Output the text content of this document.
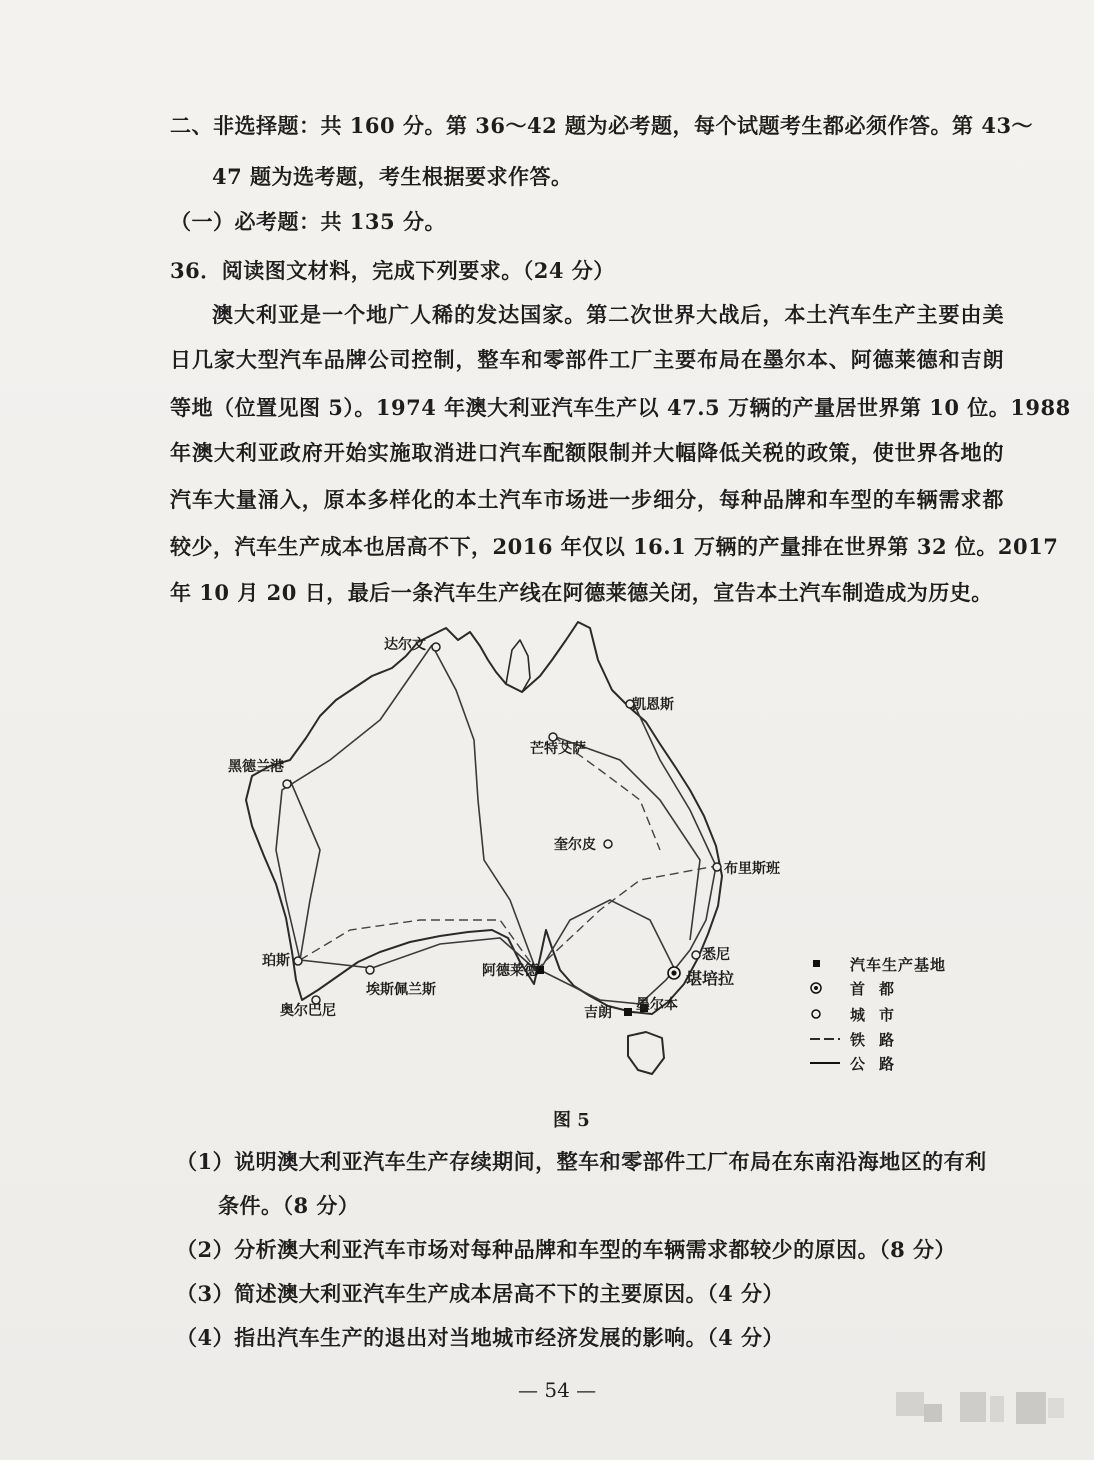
二、非选择题：共 160 分。第 36～42 题为必考题，每个试题考生都必须作答。第 43～
47 题为选考题，考生根据要求作答。
（一）必考题：共 135 分。
36．阅读图文材料，完成下列要求。（24 分）
澳大利亚是一个地广人稀的发达国家。第二次世界大战后，本土汽车生产主要由美
日几家大型汽车品牌公司控制，整车和零部件工厂主要布局在墨尔本、阿德莱德和吉朗
等地（位置见图 5）。1974 年澳大利亚汽车生产以 47.5 万辆的产量居世界第 10 位。1988
年澳大利亚政府开始实施取消进口汽车配额限制并大幅降低关税的政策，使世界各地的
汽车大量涌入，原本多样化的本土汽车市场进一步细分，每种品牌和车型的车辆需求都
较少，汽车生产成本也居高不下，2016 年仅以 16.1 万辆的产量排在世界第 32 位。2017
年 10 月 20 日，最后一条汽车生产线在阿德莱德关闭，宣告本土汽车制造成为历史。
达尔文
凯恩斯
芒特艾萨
黑德兰港
奎尔皮
布里斯班
珀斯
奥尔巴尼
埃斯佩兰斯
阿德莱德
悉尼
堪培拉
吉朗 墨尔本
汽车生产基地
首都
城市
铁路
公路
图 5
（1）说明澳大利亚汽车生产存续期间，整车和零部件工厂布局在东南沿海地区的有利
条件。（8 分）
（2）分析澳大利亚汽车市场对每种品牌和车型的车辆需求都较少的原因。（8 分）
（3）简述澳大利亚汽车生产成本居高不下的主要原因。（4 分）
（4）指出汽车生产的退出对当地城市经济发展的影响。（4 分）
— 54 —
